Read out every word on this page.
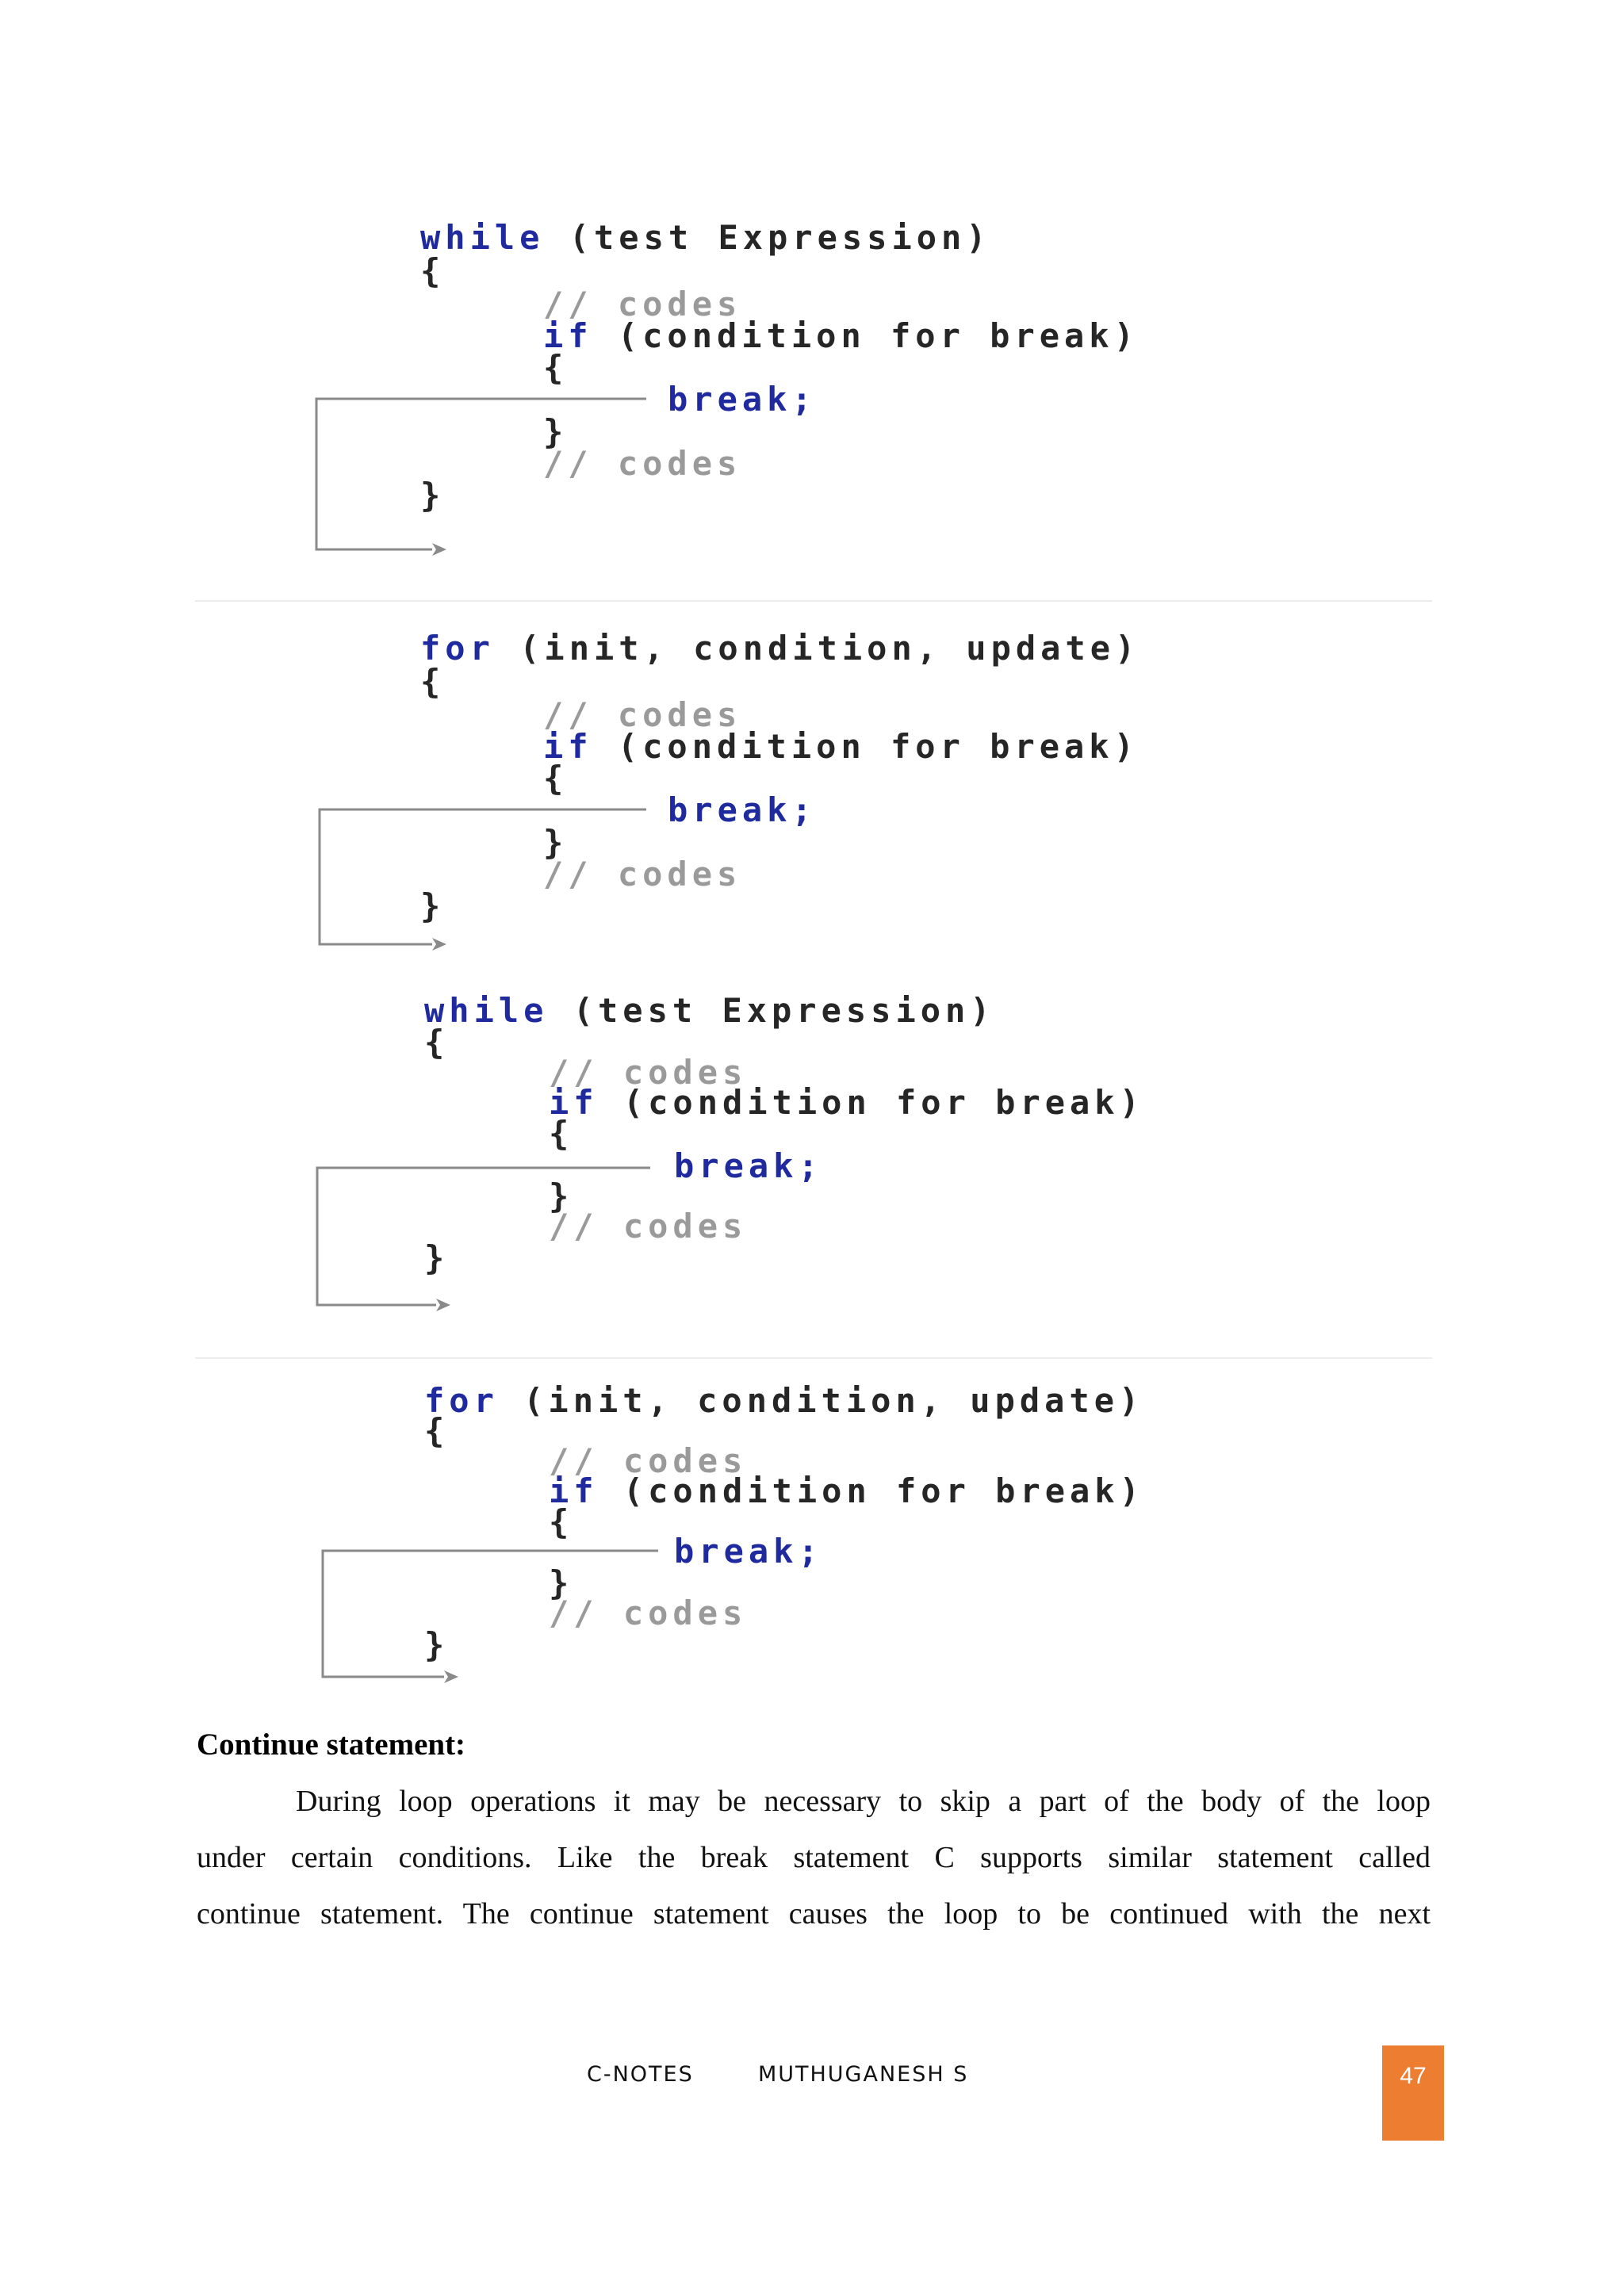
while (test Expression)
{
// codes
if (condition for break)
{
break;
}
// codes
}
for (init, condition, update)
{
// codes
if (condition for break)
{
break;
}
// codes
}
while (test Expression)
{
// codes
if (condition for break)
{
break;
}
// codes
}
for (init, condition, update)
{
// codes
if (condition for break)
{
break;
}
// codes
}
Continue statement:
During loop operations it may be necessary to skip a part of the body of the loop
under certain conditions. Like the break statement C supports similar statement called
continue statement. The continue statement causes the loop to be continued with the next
C-NOTES	MUTHUGANESH S	47
